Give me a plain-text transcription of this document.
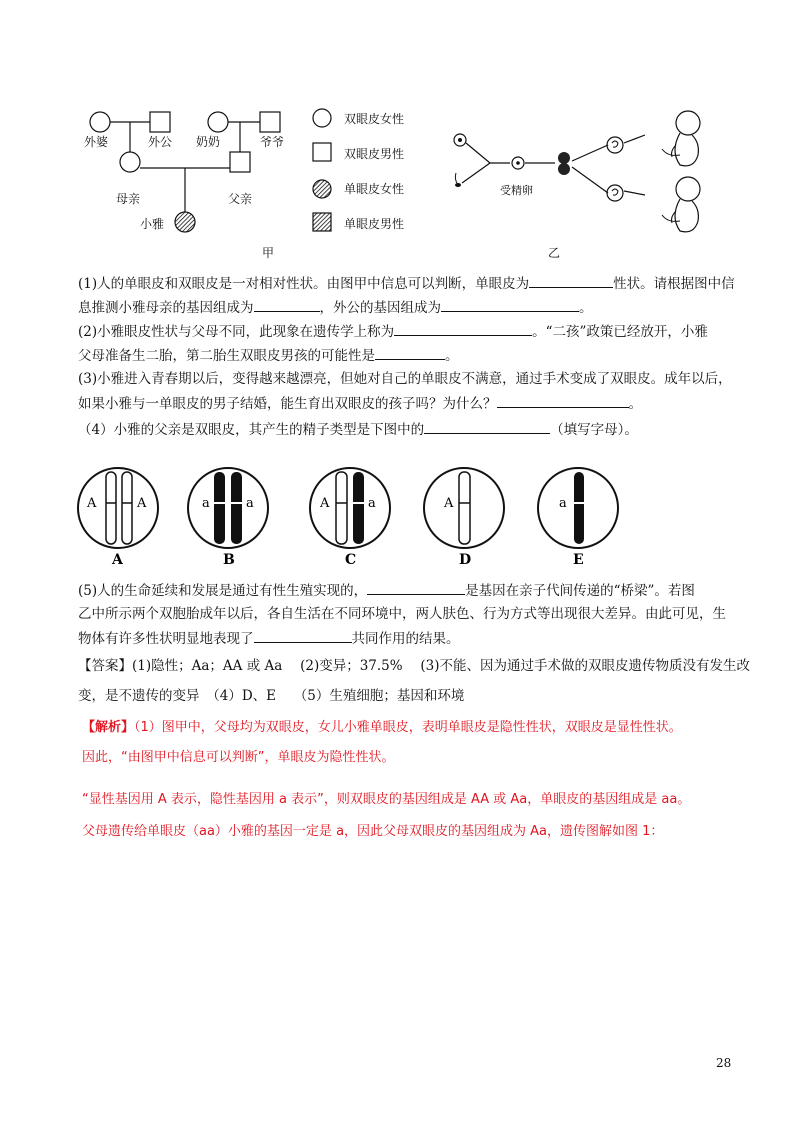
外婆	外公 奶奶	爷爷
母亲	父亲
小雅
双眼皮女性
双眼皮男性
单眼皮女性
单眼皮男性
甲
受精卵
乙
(1)人的单眼皮和双眼皮是一对相对性状。由图甲中信息可以判断，单眼皮为	性状。请根据图中信
息推测小雅母亲的基因组成为	，外公的基因组成为	。
(2)小雅眼皮性状与父母不同，此现象在遗传学上称为	。“二孩”政策已经放开，小雅
父母准备生二胎，第二胎生双眼皮男孩的可能性是	。
(3)小雅进入青春期以后，变得越来越漂亮，但她对自己的单眼皮不满意，通过手术变成了双眼皮。成年以后，
如果小雅与一单眼皮的男子结婚，能生育出双眼皮的孩子吗？为什么？	。
（4）小雅的父亲是双眼皮，其产生的精子类型是下图中的	（填写字母）。
A	A	a	a	A	a	A	a
A	B	C	D	E
(5)人的生命延续和发展是通过有性生殖实现的，	是基因在亲子代间传递的“桥梁”。若图
乙中所示两个双胞胎成年以后，各自生活在不同环境中，两人肤色、行为方式等出现很大差异。由此可见，生
物体有许多性状明显地表现了	共同作用的结果。
【答案】(1)隐性；Aa；AA 或 Aa　 (2)变异；37.5%　 (3)不能、因为通过手术做的双眼皮遗传物质没有发生改
变，是不遗传的变异　（4）D、E　 （5）生殖细胞；基因和环境
【解析】（1）图甲中，父母均为双眼皮，女儿小雅单眼皮，表明单眼皮是隐性性状，双眼皮是显性性状。
因此，“由图甲中信息可以判断”，单眼皮为隐性性状。
“显性基因用 A 表示，隐性基因用 a 表示”，则双眼皮的基因组成是 AA 或 Aa，单眼皮的基因组成是 aa。
父母遗传给单眼皮（aa）小雅的基因一定是 a，因此父母双眼皮的基因组成为 Aa，遗传图解如图 1：
28
